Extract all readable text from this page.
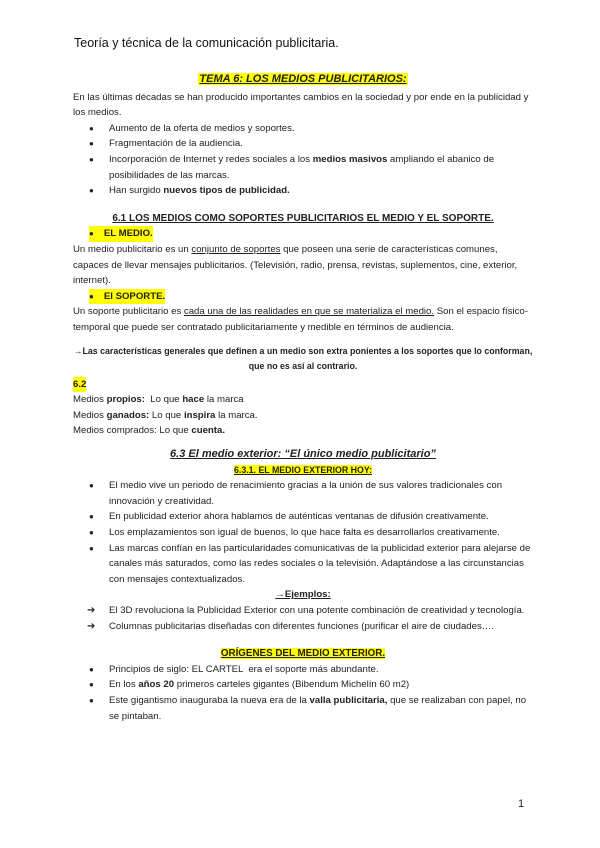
Teoría y técnica de la comunicación publicitaria.
TEMA 6: LOS MEDIOS PUBLICITARIOS:

En las últimas décadas se han producido importantes cambios en la sociedad y por ende en la publicidad y los medios.

● Aumento de la oferta de medios y soportes.
● Fragmentación de la audiencia.
● Incorporación de Internet y redes sociales a los medios masivos ampliando el abanico de posibilidades de las marcas.
● Han surgido nuevos tipos de publicidad.
6.1 LOS MEDIOS COMO SOPORTES PUBLICITARIOS EL MEDIO Y EL SOPORTE.
● EL MEDIO.

Un medio publicitario es un conjunto de soportes que poseen una serie de características comunes, capaces de llevar mensajes publicitarios. (Televisión, radio, prensa, revistas, suplementos, cine, exterior, internet).

● El SOPORTE.

Un soporte publicitario es cada una de las realidades en que se materializa el medio. Son el espacio físico-temporal que puede ser contratado publicitariamente y medible en términos de audiencia.

→Las características generales que definen a un medio son extra ponientes a los soportes que lo conforman, que no es así al contrario.
6.2

Medios propios:  Lo que hace la marca

Medios ganados: Lo que inspira la marca.

Medios comprados: Lo que cuenta.

6.3 El medio exterior: “El único medio publicitario”
6.3.1. EL MEDIO EXTERIOR HOY:
● El medio vive un periodo de renacimiento gracias a la unión de sus valores tradicionales con innovación y creatividad.
● En publicidad exterior ahora hablamos de auténticas ventanas de difusión creativamente.
● Los emplazamientos son igual de buenos, lo que hace falta es desarrollarlos creativamente.
● Las marcas confían en las particularidades comunicativas de la publicidad exterior para alejarse de canales más saturados, como las redes sociales o la televisión. Adaptándose a las circunstancias con mensajes contextualizados.
→Ejemplos:
➔ El 3D revoluciona la Publicidad Exterior con una potente combinación de creatividad y tecnología.
➔ Columnas publicitarias diseñadas con diferentes funciones (purificar el aire de ciudades….
ORÍGENES DEL MEDIO EXTERIOR.
● Principios de siglo: EL CARTEL  era el soporte más abundante.
● En los años 20 primeros carteles gigantes (Bibendum Michelín 60 m2)
● Este gigantismo inauguraba la nueva era de la valla publicitaria, que se realizaban con papel, no se pintaban.
1
